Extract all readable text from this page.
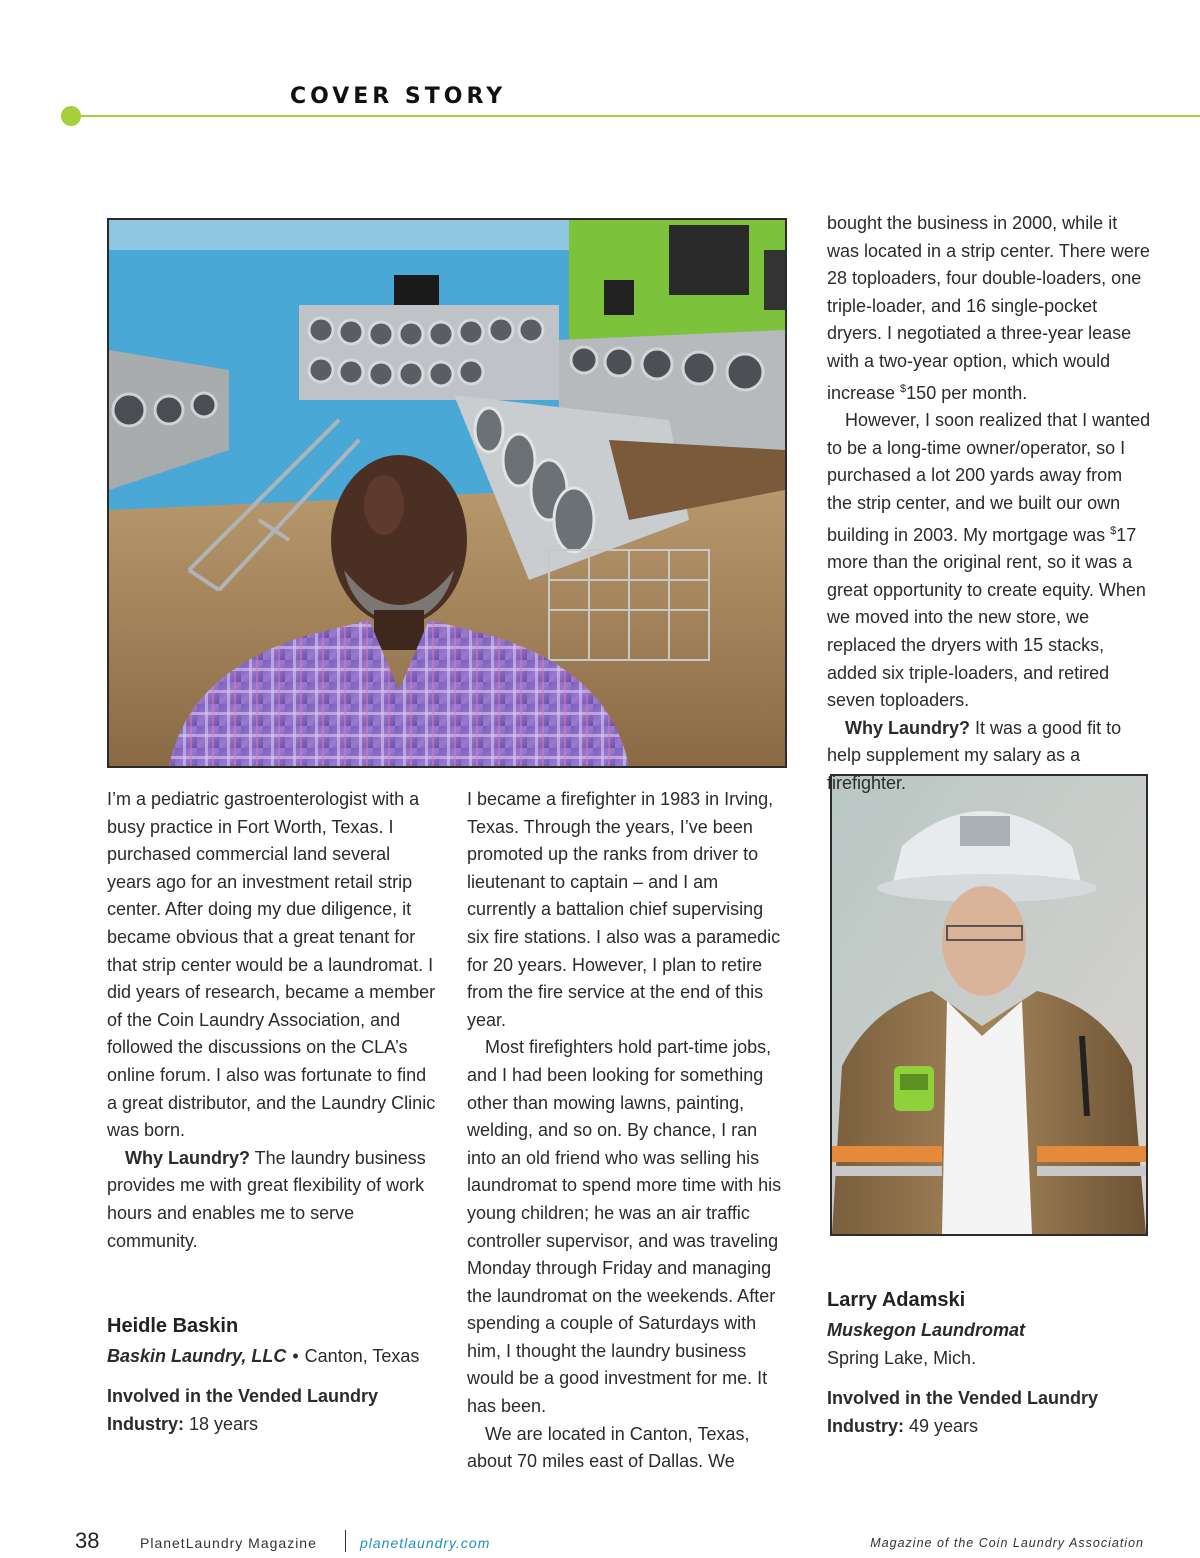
COVER STORY

I’m a pediatric gastroenterologist with a busy practice in Fort Worth, Texas. I purchased commercial land several years ago for an investment retail strip center. After doing my due diligence, it became obvious that a great tenant for that strip center would be a laundromat. I did years of research, became a member of the Coin Laundry Association, and followed the discussions on the CLA’s online forum. I also was fortunate to find a great distributor, and the Laundry Clinic was born.

Why Laundry? The laundry business provides me with great flexibility of work hours and enables me to serve community.

Heidle Baskin
Baskin Laundry, LLC • Canton, Texas
Involved in the Vended Laundry Industry: 18 years

I became a firefighter in 1983 in Irving, Texas. Through the years, I’ve been promoted up the ranks from driver to lieutenant to captain – and I am currently a battalion chief supervising six fire stations. I also was a paramedic for 20 years. However, I plan to retire from the fire service at the end of this year.

Most firefighters hold part-time jobs, and I had been looking for something other than mowing lawns, painting, welding, and so on. By chance, I ran into an old friend who was selling his laundromat to spend more time with his young children; he was an air traffic controller supervisor, and was traveling Monday through Friday and managing the laundromat on the weekends. After spending a couple of Saturdays with him, I thought the laundry business would be a good investment for me. It has been.

We are located in Canton, Texas, about 70 miles east of Dallas. We

bought the business in 2000, while it was located in a strip center. There were 28 toploaders, four double-loaders, one triple-loader, and 16 single-pocket dryers. I negotiated a three-year lease with a two-year option, which would increase $150 per month.

However, I soon realized that I wanted to be a long-time owner/operator, so I purchased a lot 200 yards away from the strip center, and we built our own building in 2003. My mortgage was $17 more than the original rent, so it was a great opportunity to create equity. When we moved into the new store, we replaced the dryers with 15 stacks, added six triple-loaders, and retired seven toploaders.

Why Laundry? It was a good fit to help supplement my salary as a firefighter.

Larry Adamski
Muskegon Laundromat
Spring Lake, Mich.
Involved in the Vended Laundry Industry: 49 years
38	PlanetLaundry Magazine	planetlaundry.com	Magazine of the Coin Laundry Association
